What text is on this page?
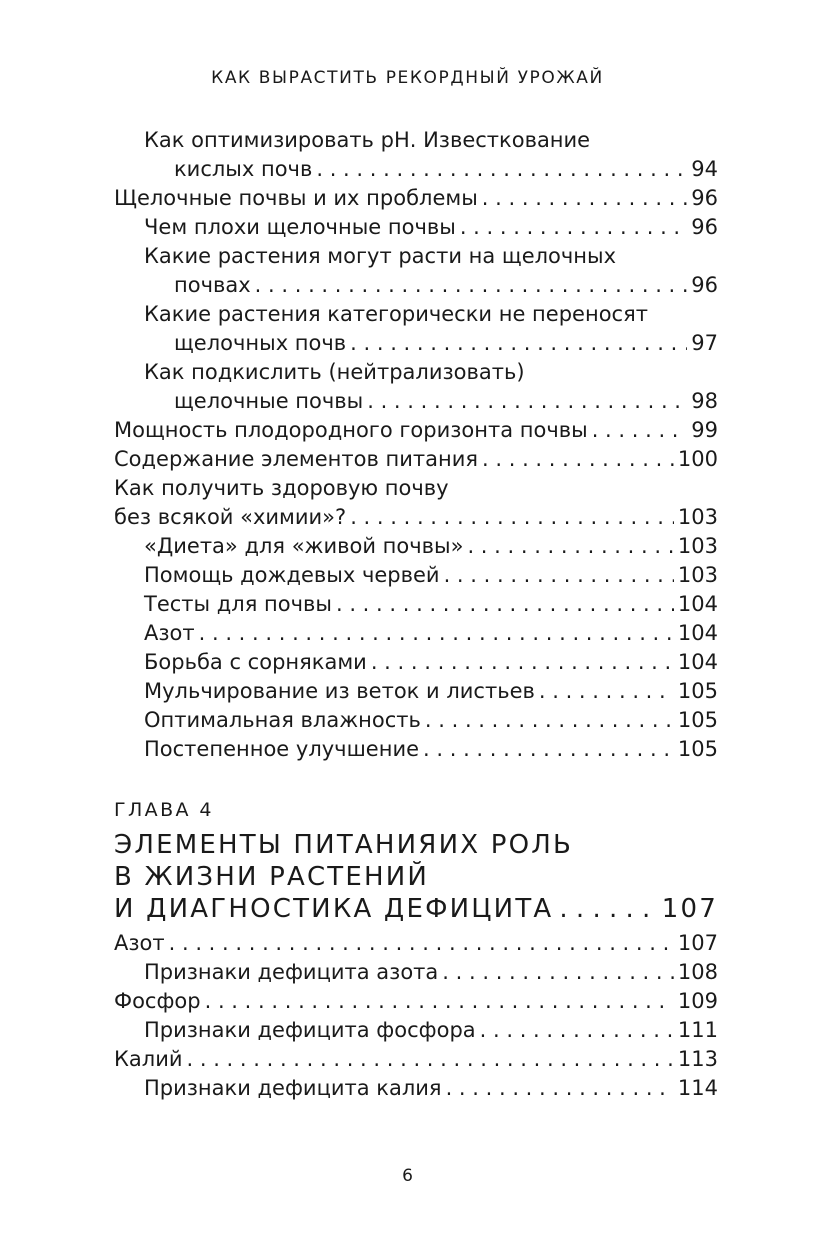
КАК ВЫРАСТИТЬ РЕКОРДНЫЙ УРОЖАЙ
Как оптимизировать рН. Известкование
кислых почв . . .	94
Щелочные почвы и их проблемы . . .	96
Чем плохи щелочные почвы . . .	96
Какие растения могут расти на щелочных
почвах . . .	96
Какие растения категорически не переносят
щелочных почв . . .	97
Как подкислить (нейтрализовать)
щелочные почвы . . .	98
Мощность плодородного горизонта почвы . . .	99
Содержание элементов питания . . .	100
Как получить здоровую почву
без всякой «химии»? . . .	103
«Диета» для «живой почвы» . . .	103
Помощь дождевых червей . . .	103
Тесты для почвы . . .	104
Азот . . .	104
Борьба с сорняками . . .	104
Мульчирование из веток и листьев . . .	105
Оптимальная влажность . . .	105
Постепенное улучшение . . .	105
ГЛАВА 4
ЭЛЕМЕНТЫ ПИТАНИЯИХ РОЛЬ
В ЖИЗНИ РАСТЕНИЙ
И ДИАГНОСТИКА ДЕФИЦИТА . . .	107
Азот . . .	107
Признаки дефицита азота . . .	108
Фосфор . . .	109
Признаки дефицита фосфора . . .	111
Калий . . .	113
Признаки дефицита калия . . .	114
6
